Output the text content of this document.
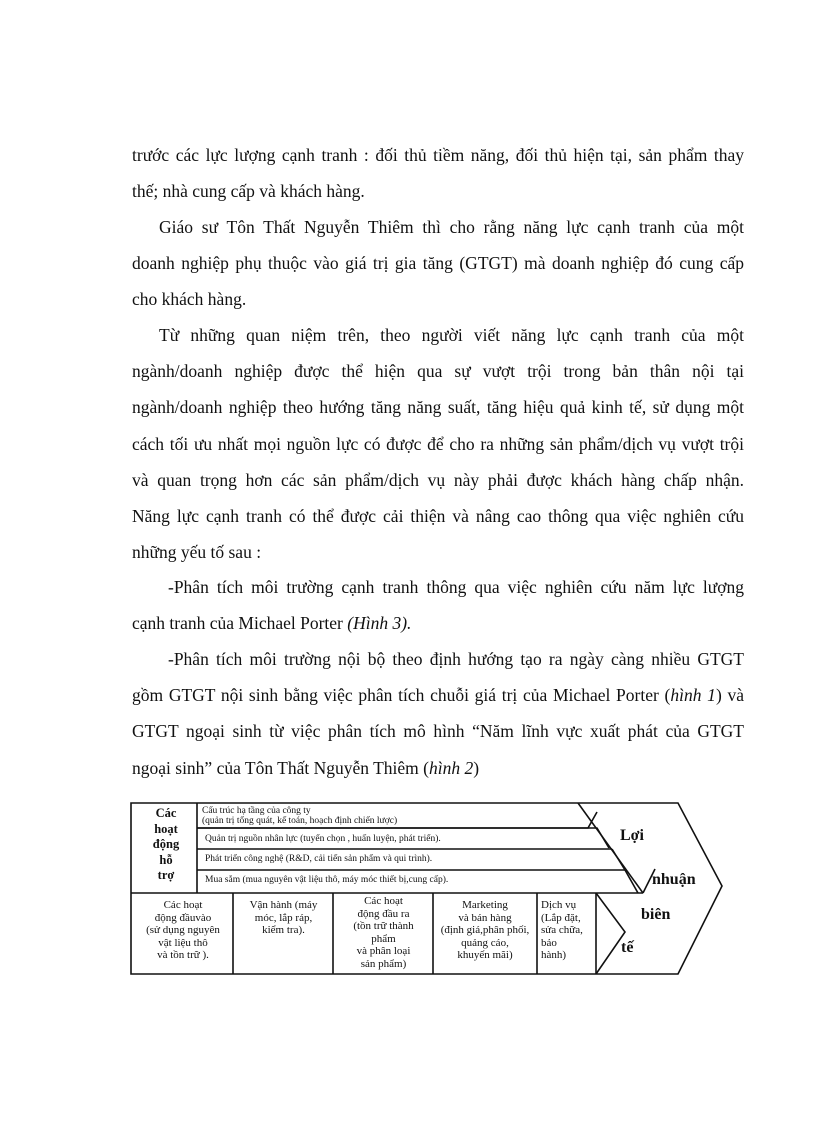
trước các lực lượng cạnh tranh : đối thủ tiềm năng, đối thủ hiện tại, sản phẩm thay
thế; nhà cung cấp và khách hàng.
Giáo sư Tôn Thất Nguyễn Thiêm thì cho rằng năng lực cạnh tranh của một
doanh nghiệp phụ thuộc vào giá trị gia tăng (GTGT) mà doanh nghiệp đó cung cấp
cho khách hàng.
Từ những quan niệm trên, theo người viết năng lực cạnh tranh của một
ngành/doanh nghiệp được thể hiện qua sự vượt trội trong bản thân nội tại
ngành/doanh nghiệp theo hướng tăng năng suất, tăng hiệu quả kinh tế, sử dụng một
cách tối ưu nhất mọi nguồn lực có được để cho ra những sản phẩm/dịch vụ vượt trội
và quan trọng hơn các sản phẩm/dịch vụ này phải được khách hàng chấp nhận.
Năng lực cạnh tranh có thể được cải thiện và nâng cao thông qua việc nghiên cứu
những yếu tố sau :
-Phân tích môi trường cạnh tranh thông qua việc nghiên cứu năm lực lượng
cạnh tranh của Michael Porter (Hình 3).
-Phân tích môi trường nội bộ theo định hướng tạo ra ngày càng nhiều GTGT
gồm GTGT nội sinh bằng việc phân tích chuỗi giá trị của Michael Porter (hình 1) và
GTGT ngoại sinh từ việc phân tích mô hình “Năm lĩnh vực xuất phát của GTGT
ngoại sinh” của Tôn Thất Nguyễn Thiêm (hình 2)
Các
hoạt
động
hỗ
trợ
Cấu trúc hạ tầng của công ty
(quản trị tổng quát, kế toán, hoạch định chiến lược)
Quản trị nguồn nhân lực (tuyển chọn , huấn luyện, phát triển).
Phát triển công nghệ (R&D, cải tiến sản phẩm và qui trình).
Mua sắm (mua nguyên vật liệu thô, máy móc thiết bị,cung cấp).
Các hoạt
động đầuvào
(sử dụng nguyên
vật liệu thô
và tồn trữ ).
Vận hành (máy
móc, lắp ráp,
kiểm tra).
Các hoạt
động đầu ra
(tồn trữ thành
phẩm
và phân loại
sản phẩm)
Marketing
và bán hàng
(định giá,phân phối,
quảng cáo,
khuyến mãi)
Dịch vụ
(Lắp đặt,
sửa chữa,
bảo
hành)
Lợi
nhuận
biên
tế
